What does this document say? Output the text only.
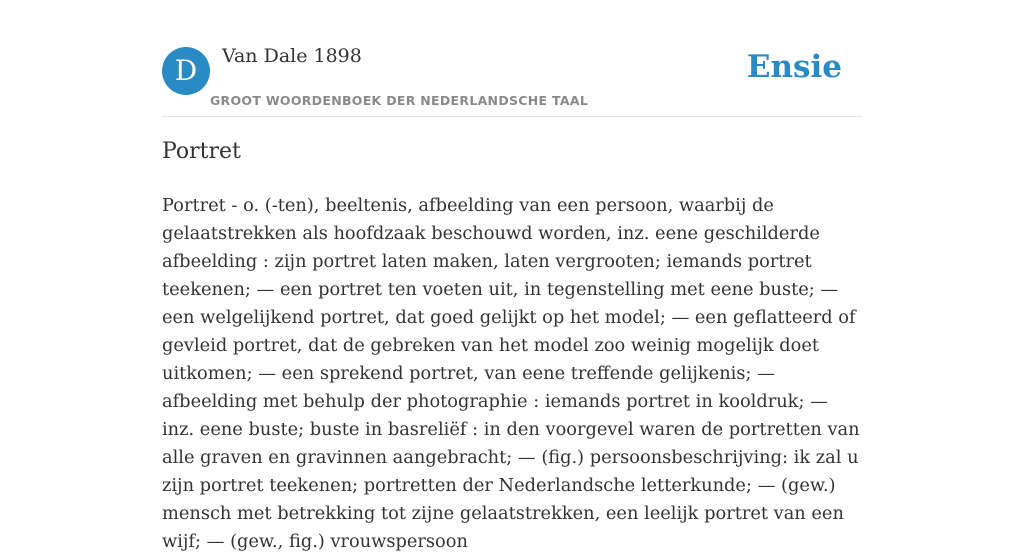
D	Van Dale 1898
GROOT WOORDENBOEK DER NEDERLANDSCHE TAAL
Ensie
Portret

Portret - o. (-ten), beeltenis, afbeelding van een persoon, waarbij de gelaatstrekken als hoofdzaak beschouwd worden, inz. eene geschilderde afbeelding : zijn portret laten maken, laten vergrooten; iemands portret teekenen; — een portret ten voeten uit, in tegenstelling met eene buste; — een welgelijkend portret, dat goed gelijkt op het model; — een geflatteerd of gevleid portret, dat de gebreken van het model zoo weinig mogelijk doet uitkomen; — een sprekend portret, van eene treffende gelijkenis; — afbeelding met behulp der photographie : iemands portret in kooldruk; — inz. eene buste; buste in basreliëf : in den voorgevel waren de portretten van alle graven en gravinnen aangebracht; — (fig.) persoonsbeschrijving: ik zal u zijn portret teekenen; portretten der Nederlandsche letterkunde; — (gew.) mensch met betrekking tot zijne gelaatstrekken, een leelijk portret van een wijf; — (gew., fig.) vrouwspersoon
